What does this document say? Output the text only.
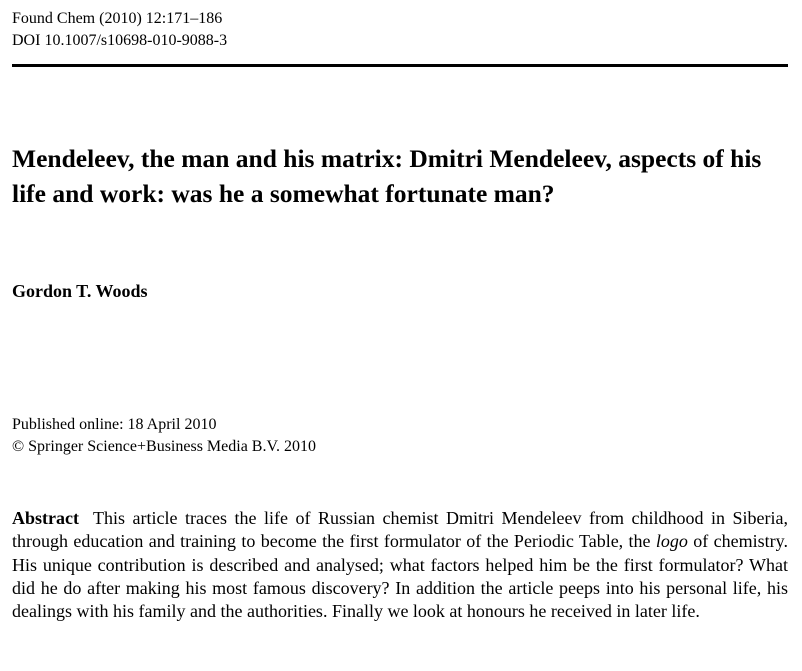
Found Chem (2010) 12:171–186
DOI 10.1007/s10698-010-9088-3
Mendeleev, the man and his matrix: Dmitri Mendeleev, aspects of his life and work: was he a somewhat fortunate man?
Gordon T. Woods
Published online: 18 April 2010
© Springer Science+Business Media B.V. 2010

Abstract This article traces the life of Russian chemist Dmitri Mendeleev from childhood in Siberia, through education and training to become the first formulator of the Periodic Table, the logo of chemistry. His unique contribution is described and analysed; what factors helped him be the first formulator? What did he do after making his most famous discovery? In addition the article peeps into his personal life, his dealings with his family and the authorities. Finally we look at honours he received in later life.
